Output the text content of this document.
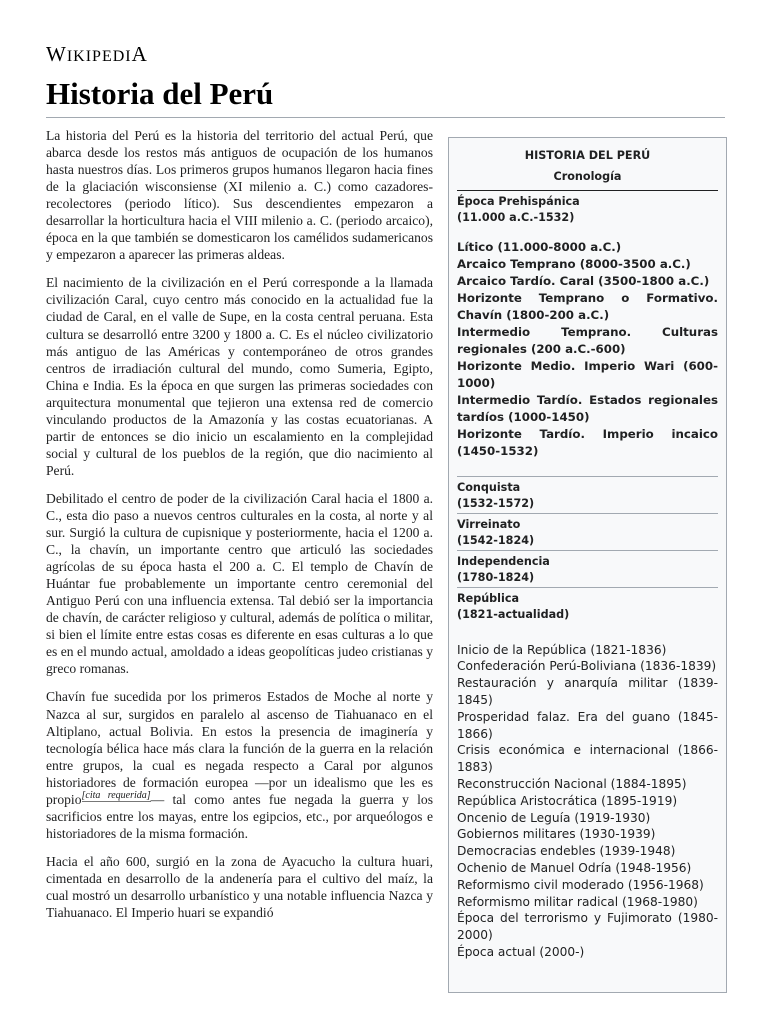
WIKIPEDIA
Historia del Perú

La historia del Perú es la historia del territorio del actual Perú, que abarca desde los restos más antiguos de ocupación de los humanos hasta nuestros días. Los primeros grupos humanos llegaron hacia fines de la glaciación wisconsiense (XI milenio a. C.) como cazadores-recolectores (periodo lítico). Sus descendientes empezaron a desarrollar la horticultura hacia el VIII milenio a. C. (periodo arcaico), época en la que también se domesticaron los camélidos sudamericanos y empezaron a aparecer las primeras aldeas.

El nacimiento de la civilización en el Perú corresponde a la llamada civilización Caral, cuyo centro más conocido en la actualidad fue la ciudad de Caral, en el valle de Supe, en la costa central peruana. Esta cultura se desarrolló entre 3200 y 1800 a. C. Es el núcleo civilizatorio más antiguo de las Américas y contemporáneo de otros grandes centros de irradiación cultural del mundo, como Sumeria, Egipto, China e India. Es la época en que surgen las primeras sociedades con arquitectura monumental que tejieron una extensa red de comercio vinculando productos de la Amazonía y las costas ecuatorianas. A partir de entonces se dio inicio un escalamiento en la complejidad social y cultural de los pueblos de la región, que dio nacimiento al Perú.

Debilitado el centro de poder de la civilización Caral hacia el 1800 a. C., esta dio paso a nuevos centros culturales en la costa, al norte y al sur. Surgió la cultura de cupisnique y posteriormente, hacia el 1200 a. C., la chavín, un importante centro que articuló las sociedades agrícolas de su época hasta el 200 a. C. El templo de Chavín de Huántar fue probablemente un importante centro ceremonial del Antiguo Perú con una influencia extensa. Tal debió ser la importancia de chavín, de carácter religioso y cultural, además de política o militar, si bien el límite entre estas cosas es diferente en esas culturas a lo que es en el mundo actual, amoldado a ideas geopolíticas judeo cristianas y greco romanas.

Chavín fue sucedida por los primeros Estados de Moche al norte y Nazca al sur, surgidos en paralelo al ascenso de Tiahuanaco en el Altiplano, actual Bolivia. En estos la presencia de imaginería y tecnología bélica hace más clara la función de la guerra en la relación entre grupos, la cual es negada respecto a Caral por algunos historiadores de formación europea —por un idealismo que les es propio[cita requerida]— tal como antes fue negada la guerra y los sacrificios entre los mayas, entre los egipcios, etc., por arqueólogos e historiadores de la misma formación.

Hacia el año 600, surgió en la zona de Ayacucho la cultura huari, cimentada en desarrollo de la andenería para el cultivo del maíz, la cual mostró un desarrollo urbanístico y una notable influencia Nazca y Tiahuanaco. El Imperio huari se expandió

HISTORIA DEL PERÚ
Cronología
Época Prehispánica
(11.000 a.C.-1532)
Lítico (11.000-8000 a.C.)
Arcaico Temprano (8000-3500 a.C.)
Arcaico Tardío. Caral (3500-1800 a.C.)
Horizonte Temprano o Formativo. Chavín (1800-200 a.C.)
Intermedio Temprano. Culturas regionales (200 a.C.-600)
Horizonte Medio. Imperio Wari (600-1000)
Intermedio Tardío. Estados regionales tardíos (1000-1450)
Horizonte Tardío. Imperio incaico (1450-1532)
Conquista
(1532-1572)
Virreinato
(1542-1824)
Independencia
(1780-1824)
República
(1821-actualidad)
Inicio de la República (1821-1836)
Confederación Perú-Boliviana (1836-1839)
Restauración y anarquía militar (1839-1845)
Prosperidad falaz. Era del guano (1845-1866)
Crisis económica e internacional (1866-1883)
Reconstrucción Nacional (1884-1895)
República Aristocrática (1895-1919)
Oncenio de Leguía (1919-1930)
Gobiernos militares (1930-1939)
Democracias endebles (1939-1948)
Ochenio de Manuel Odría (1948-1956)
Reformismo civil moderado (1956-1968)
Reformismo militar radical (1968-1980)
Época del terrorismo y Fujimorato (1980-2000)
Época actual (2000-)
